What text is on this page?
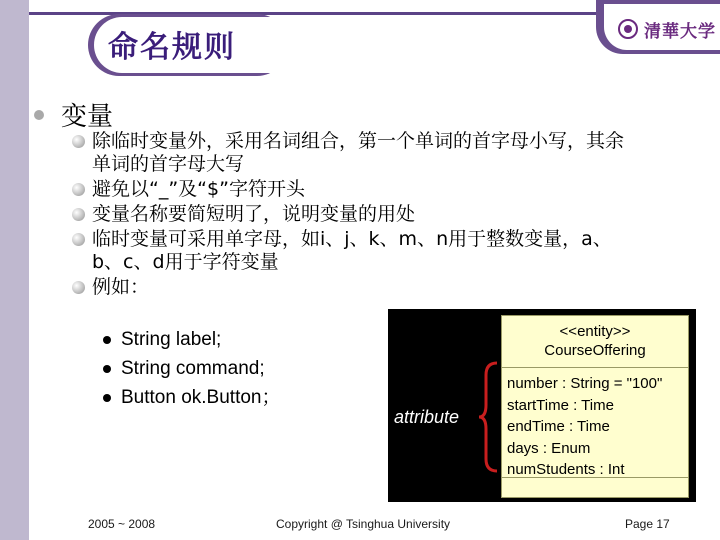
命名规则	清華大学
变量
除临时变量外，采用名词组合，第一个单词的首字母小写，其余单词的首字母大写
避免以“_”及“$”字符开头
变量名称要简短明了，说明变量的用处
临时变量可采用单字母，如i、j、k、m、n用于整数变量，a、b、c、d用于字符变量
例如：
String label;
String command;
Button ok.Button；
attribute
<<entity>>
CourseOffering
number : String = "100"
startTime : Time
endTime : Time
days : Enum
numStudents : Int
2005 ~ 2008	Copyright @ Tsinghua University	Page 17
